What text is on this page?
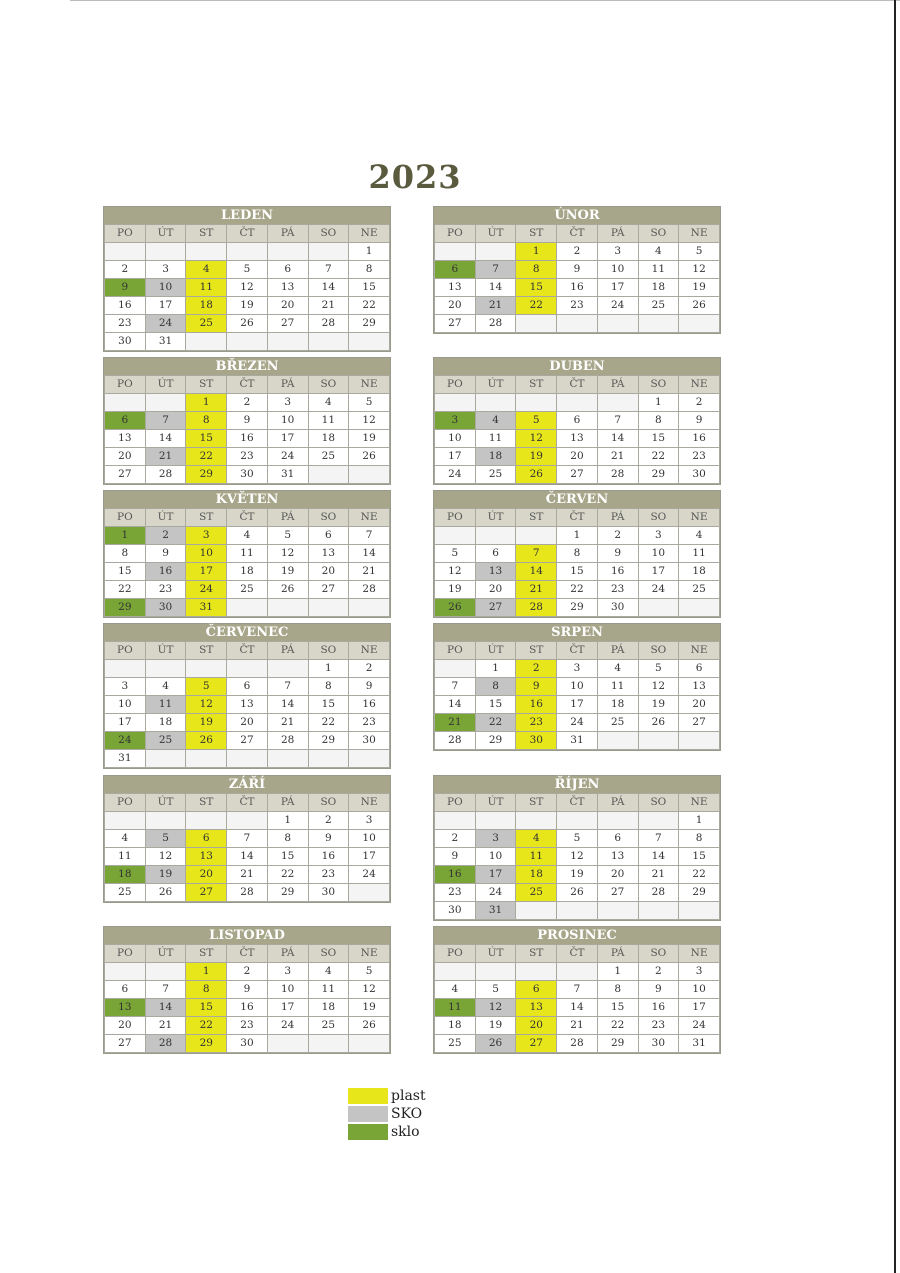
2023
LEDEN
PO	ÚT	ST	ČT	PÁ	SO	NE
						1
2	3	4	5	6	7	8
9	10	11	12	13	14	15
16	17	18	19	20	21	22
23	24	25	26	27	28	29
30	31					
ÚNOR
PO	ÚT	ST	ČT	PÁ	SO	NE
		1	2	3	4	5
6	7	8	9	10	11	12
13	14	15	16	17	18	19
20	21	22	23	24	25	26
27	28					
BŘEZEN
PO	ÚT	ST	ČT	PÁ	SO	NE
		1	2	3	4	5
6	7	8	9	10	11	12
13	14	15	16	17	18	19
20	21	22	23	24	25	26
27	28	29	30	31		
DUBEN
PO	ÚT	ST	ČT	PÁ	SO	NE
					1	2
3	4	5	6	7	8	9
10	11	12	13	14	15	16
17	18	19	20	21	22	23
24	25	26	27	28	29	30
KVĚTEN
PO	ÚT	ST	ČT	PÁ	SO	NE
1	2	3	4	5	6	7
8	9	10	11	12	13	14
15	16	17	18	19	20	21
22	23	24	25	26	27	28
29	30	31				
ČERVEN
PO	ÚT	ST	ČT	PÁ	SO	NE
			1	2	3	4
5	6	7	8	9	10	11
12	13	14	15	16	17	18
19	20	21	22	23	24	25
26	27	28	29	30		
ČERVENEC
PO	ÚT	ST	ČT	PÁ	SO	NE
					1	2
3	4	5	6	7	8	9
10	11	12	13	14	15	16
17	18	19	20	21	22	23
24	25	26	27	28	29	30
31						
SRPEN
PO	ÚT	ST	ČT	PÁ	SO	NE
	1	2	3	4	5	6
7	8	9	10	11	12	13
14	15	16	17	18	19	20
21	22	23	24	25	26	27
28	29	30	31			
ZÁŘÍ
PO	ÚT	ST	ČT	PÁ	SO	NE
				1	2	3
4	5	6	7	8	9	10
11	12	13	14	15	16	17
18	19	20	21	22	23	24
25	26	27	28	29	30	
ŘÍJEN
PO	ÚT	ST	ČT	PÁ	SO	NE
						1
2	3	4	5	6	7	8
9	10	11	12	13	14	15
16	17	18	19	20	21	22
23	24	25	26	27	28	29
30	31					
LISTOPAD
PO	ÚT	ST	ČT	PÁ	SO	NE
		1	2	3	4	5
6	7	8	9	10	11	12
13	14	15	16	17	18	19
20	21	22	23	24	25	26
27	28	29	30			
PROSINEC
PO	ÚT	ST	ČT	PÁ	SO	NE
				1	2	3
4	5	6	7	8	9	10
11	12	13	14	15	16	17
18	19	20	21	22	23	24
25	26	27	28	29	30	31
plast
SKO
sklo
